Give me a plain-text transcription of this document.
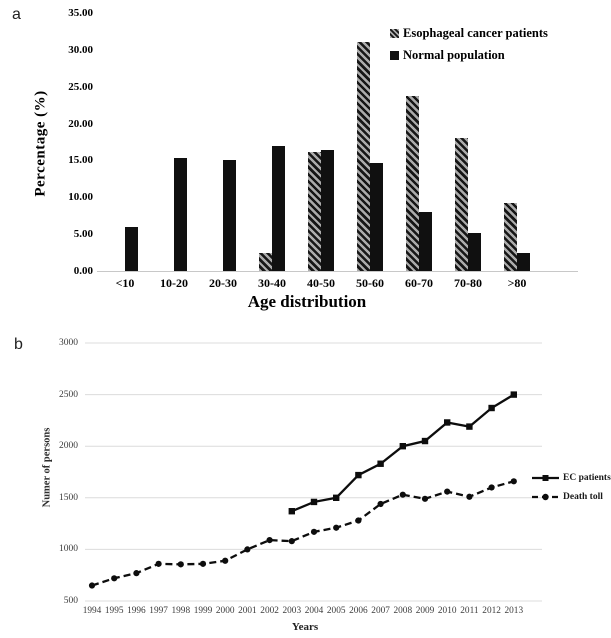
a
b
Percentage (%)
0.00
5.00
10.00
15.00
20.00
25.00
30.00
35.00
<10	10-20	20-30	30-40	40-50	50-60	60-70	70-80	>80
Age distribution
Esophageal cancer patients
Normal population
Numer of persons
500
1000
1500
2000
2500
3000
1994 1995 1996 1997 1998 1999 2000 2001 2002 2003 2004 2005 2006 2007 2008 2009 2010 2011 2012 2013
Years
EC patients
Death toll
